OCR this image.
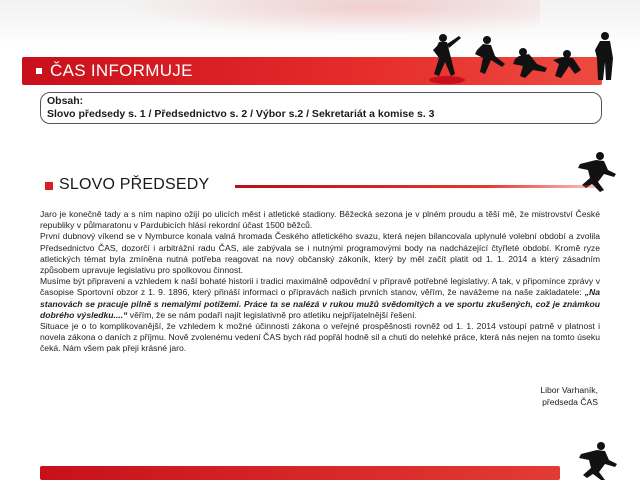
ČAS INFORMUJE
Obsah:
Slovo předsedy s. 1 / Předsednictvo s. 2 / Výbor s.2 / Sekretariát a komise s. 3
SLOVO PŘEDSEDY

Jaro je konečně tady a s ním napino ožijí po ulicích měst i atletické stadiony. Běžecká sezona je v plném proudu a těší mě, že mistrovství České republiky v půlmaratonu v Pardubicích hlásí rekordní účast 1500 běžců.

První dubnový víkend se v Nymburce konala valná hromada Českého atletického svazu, která nejen bilancovala uplynulé volební období a zvolila Předsednictvo ČAS, dozorčí i arbitrážní radu ČAS, ale zabývala se i nutnými programovými body na nadcházející čtyřleté období. Kromě ryze atletických témat byla zmíněna nutná potřeba reagovat na nový občanský zákoník, který by měl začít platit od 1. 1. 2014 a který zásadním způsobem upravuje legislativu pro spolkovou činnost.

Musíme být připraveni a vzhledem k naší bohaté historii i tradici maximálně odpovědní v přípravě potřebné legislativy. A tak, v připomínce zprávy v časopise Sportovní obzor z 1. 9. 1896, který přináší informaci o přípravách našich prvních stanov, věřím, že navážeme na naše zakladatele: „Na stanovách se pracuje pilně s nemalými potížemi. Práce ta se nalézá v rukou mužů svědomitých a ve sportu zkušených, což je známkou dobrého výsledku....“ věřím, že se nám podaří najít legislativně pro atletiku nejpříjatelnější řešení.

Situace je o to komplikovanější, že vzhledem k možné účinnosti zákona o veřejné prospěšnosti rovněž od 1. 1. 2014 vstoupí patrně v platnost i novela zákona o daních z příjmu. Nově zvolenému vedení ČAS bych rád popřál hodně sil a chuti do nelehké práce, která nás nejen na tomto úseku čeká. Nám všem pak přeji krásné jaro.

Libor Varhaník,
předseda ČAS
